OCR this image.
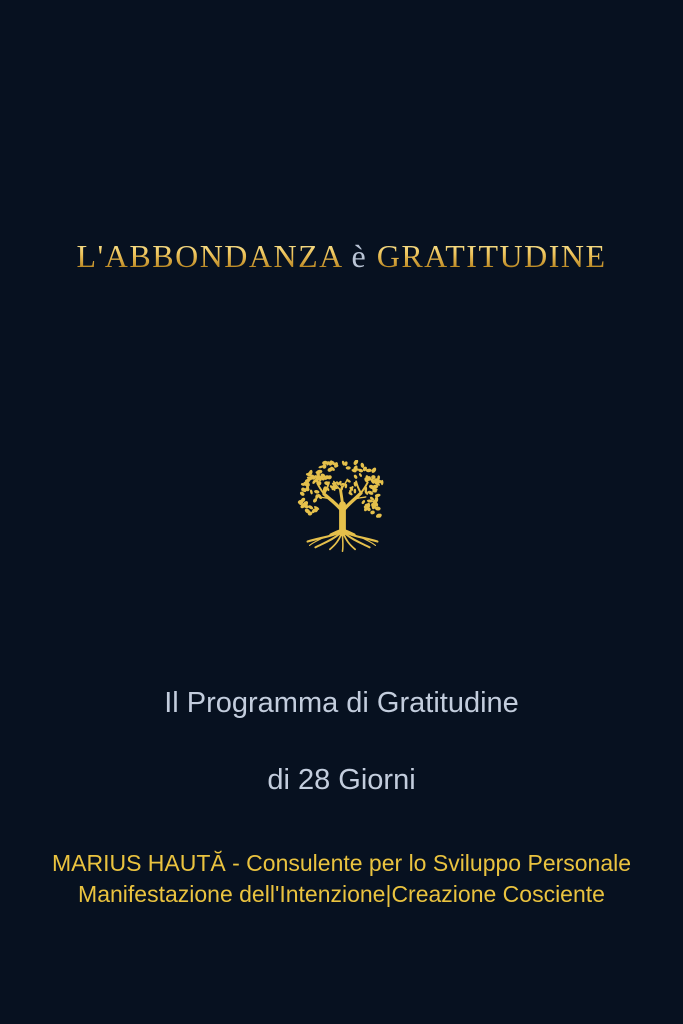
L'ABBONDANZA è GRATITUDINE
Il Programma di Gratitudine
di 28 Giorni
MARIUS HAUTĂ - Consulente per lo Sviluppo Personale
Manifestazione dell'Intenzione|Creazione Cosciente
